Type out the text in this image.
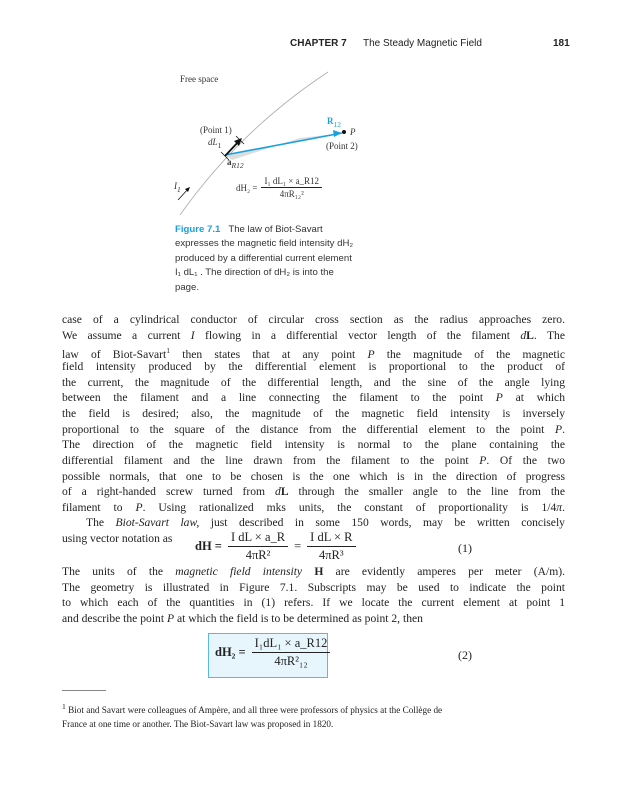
CHAPTER 7 The Steady Magnetic Field	181
Free space
(Point 1)
$dL_1$
$a_{R12}$
$R_{12}$
P
(Point 2)
$I_1$	$dH_2 = \frac{\text{I₁ dL₁ × a\_R12}}{\text{4πR₁₂²}}$
Figure 7.1 The law of Biot-Savart
expresses the magnetic field intensity dH₂
produced by a differential current element
I₁ dL₁ . The direction of dH₂ is into the
page.
case of a cylindrical conductor of circular cross section as the radius approaches zero.
We assume a current I flowing in a differential vector length of the filament dL. The
law of Biot-Savart$^1$ then states that at any point P the magnitude of the magnetic
field intensity produced by the differential element is proportional to the product of
the current, the magnitude of the differential length, and the sine of the angle lying
between the filament and a line connecting the filament to the point P at which
the field is desired; also, the magnitude of the magnetic field intensity is inversely
proportional to the square of the distance from the differential element to the point P.
The direction of the magnetic field intensity is normal to the plane containing the
differential filament and the line drawn from the filament to the point P. Of the two
possible normals, that one to be chosen is the one which is in the direction of progress
of a right-handed screw turned from dL through the smaller angle to the line from the
filament to P. Using rationalized mks units, the constant of proportionality is 1/4π.
The Biot-Savart law, just described in some 150 words, may be written concisely
using vector notation as
dH = $\frac{\text{I dL × a\_R}}{\text{4πR²}} = \frac{\text{I dL × R}}{\text{4πR³}}$	(1)
The units of the magnetic field intensity H are evidently amperes per meter (A/m).
The geometry is illustrated in Figure 7.1. Subscripts may be used to indicate the point
to which each of the quantities in (1) refers. If we locate the current element at point 1
and describe the point P at which the field is to be determined as point 2, then
$dH_2 = \frac{\text{I₁dL₁ × a\_R12}}{\text{4πR²₁₂}}$	(2)
$^1$ Biot and Savart were colleagues of Ampère, and all three were professors of physics at the Collège de
France at one time or another. The Biot-Savart law was proposed in 1820.
